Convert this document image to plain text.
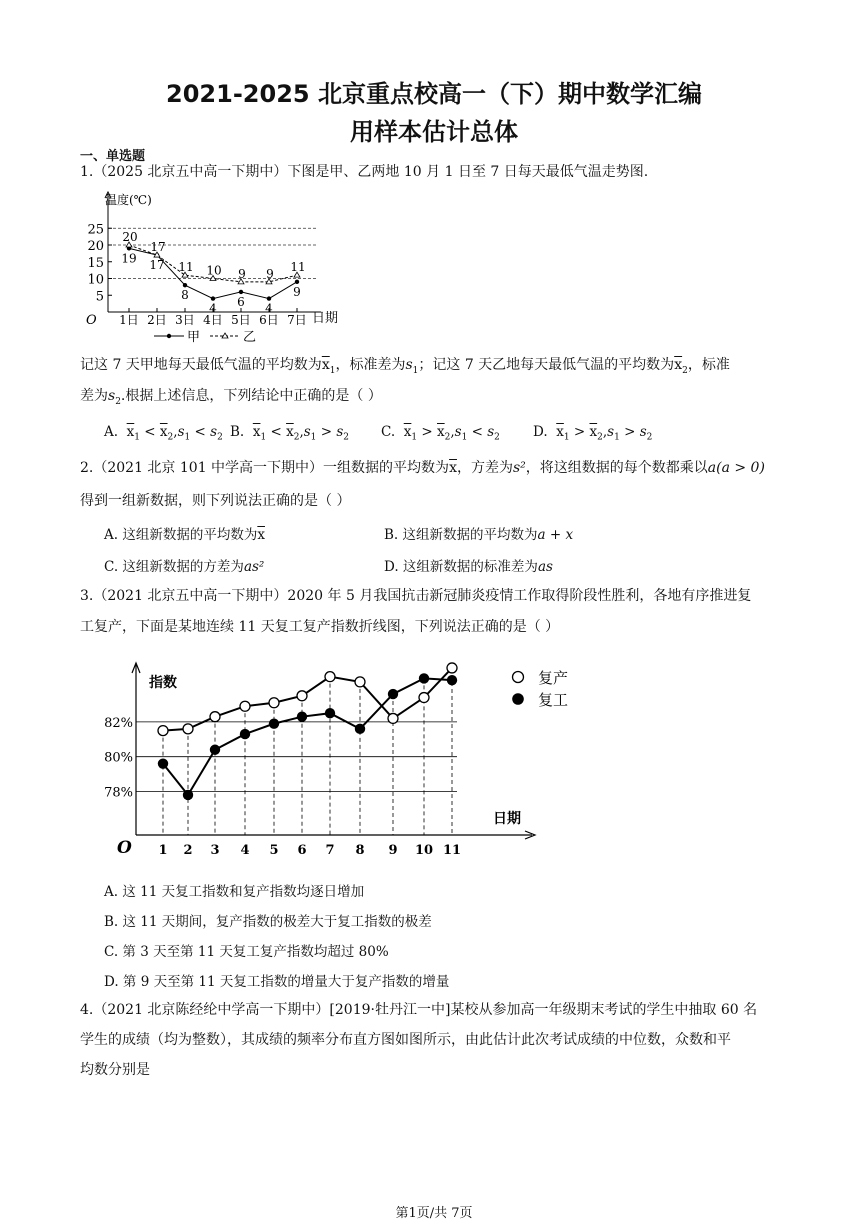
2021-2025 北京重点校高一（下）期中数学汇编
用样本估计总体
一、单选题
1.（2025 北京五中高一下期中）下图是甲、乙两地 10 月 1 日至 7 日每天最低气温走势图.
5
10
15
20
25
温度(℃)
O	日期
1日 2日 3日 4日 5日 6日 7日
19 17
8
4 6 4
9
20
17
11 10 9 9 11
甲	乙
记这 7 天甲地每天最低气温的平均数为$\overline{x}_1$，标准差为$s_1$；记这 7 天乙地每天最低气温的平均数为$\overline{x}_2$，标准
差为$s_2$.根据上述信息，下列结论中正确的是（ ）
A. $\overline{x}_1 < \overline{x}_2,s_1 < s_2$ B. $\overline{x}_1 < \overline{x}_2,s_1 > s_2$ C. $\overline{x}_1 > \overline{x}_2,s_1 < s_2$ D. $\overline{x}_1 > \overline{x}_2,s_1 > s_2$
2.（2021 北京 101 中学高一下期中）一组数据的平均数为$\overline{x}$，方差为s²，将这组数据的每个数都乘以a(a > 0)
得到一组新数据，则下列说法正确的是（ ）
A. 这组新数据的平均数为$\overline{x}$	B. 这组新数据的平均数为a + x
C. 这组新数据的方差为as²	D. 这组新数据的标准差为as
3.（2021 北京五中高一下期中）2020 年 5 月我国抗击新冠肺炎疫情工作取得阶段性胜利，各地有序推进复
工复产，下面是某地连续 11 天复工复产指数折线图，下列说法正确的是（ ）
78%
80%
82%
指数
日期
O 1 2 3 4 5 6 7 8 9 10 11
复产
复工
A. 这 11 天复工指数和复产指数均逐日增加
B. 这 11 天期间，复产指数的极差大于复工指数的极差
C. 第 3 天至第 11 天复工复产指数均超过 80%
D. 第 9 天至第 11 天复工指数的增量大于复产指数的增量
4.（2021 北京陈经纶中学高一下期中）[2019·牡丹江一中]某校从参加高一年级期末考试的学生中抽取 60 名
学生的成绩（均为整数），其成绩的频率分布直方图如图所示，由此估计此次考试成绩的中位数，众数和平
均数分别是
第1页/共 7页
